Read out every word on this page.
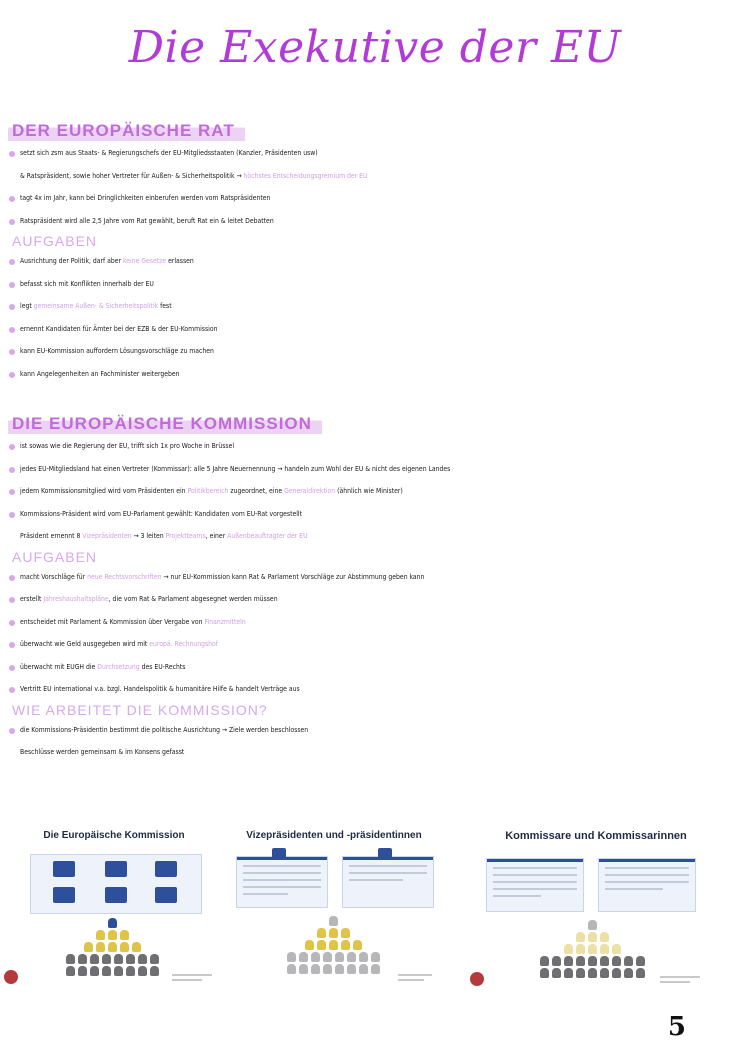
Die Exekutive der EU
DER EUROPÄISCHE RAT
setzt sich zsm aus Staats- & Regierungschefs der EU-Mitgliedsstaaten (Kanzler, Präsidenten usw)
& Ratspräsident, sowie hoher Vertreter für Außen- & Sicherheitspolitik → höchstes Entscheidungsgremium der EU
tagt 4x im Jahr, kann bei Dringlichkeiten einberufen werden vom Ratspräsidenten
Ratspräsident wird alle 2,5 Jahre vom Rat gewählt, beruft Rat ein & leitet Debatten
AUFGABEN
Ausrichtung der Politik, darf aber keine Gesetze erlassen
befasst sich mit Konflikten innerhalb der EU
legt gemeinsame Außen- & Sicherheitspolitik fest
ernennt Kandidaten für Ämter bei der EZB & der EU-Kommission
kann EU-Kommission auffordern Lösungsvorschläge zu machen
kann Angelegenheiten an Fachminister weitergeben
DIE EUROPÄISCHE KOMMISSION
ist sowas wie die Regierung der EU, trifft sich 1x pro Woche in Brüssel
jedes EU-Mitgliedsland hat einen Vertreter (Kommissar): alle 5 Jahre Neuernennung → handeln zum Wohl der EU & nicht des eigenen Landes
jedem Kommissionsmitglied wird vom Präsidenten ein Politikbereich zugeordnet, eine Generaldirektion (ähnlich wie Minister)
Kommissions-Präsident wird vom EU-Parlament gewählt: Kandidaten vom EU-Rat vorgestellt
Präsident ernennt 8 Vizepräsidenten → 3 leiten Projektteams, einer Außenbeauftragter der EU
AUFGABEN
macht Vorschläge für neue Rechtsvorschriften → nur EU-Kommission kann Rat & Parlament Vorschläge zur Abstimmung geben kann
erstellt Jahreshaushaltspläne, die vom Rat & Parlament abgesegnet werden müssen
entscheidet mit Parlament & Kommission über Vergabe von Finanzmitteln
überwacht wie Geld ausgegeben wird mit europä. Rechnungshof
überwacht mit EUGH die Durchsetzung des EU-Rechts
Vertritt EU international v.a. bzgl. Handelspolitik & humanitäre Hilfe & handelt Verträge aus
WIE ARBEITET DIE KOMMISSION?
die Kommissions-Präsidentin bestimmt die politische Ausrichtung → Ziele werden beschlossen
Beschlüsse werden gemeinsam & im Konsens gefasst
Die Europäische Kommission	Vizepräsidenten und -präsidentinnen	Kommissare und Kommissarinnen
5
